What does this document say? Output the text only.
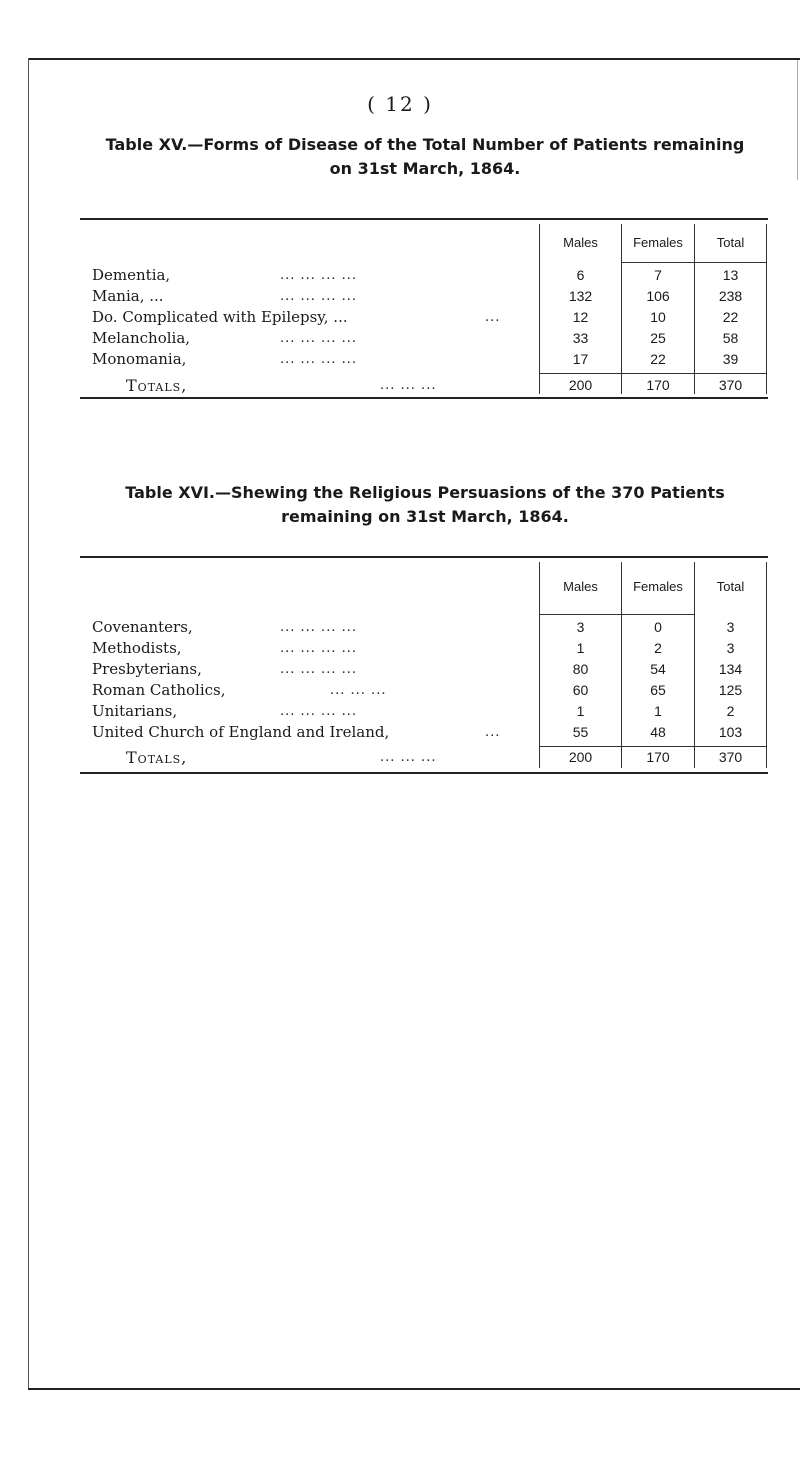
( 12 )
Table XV.—Forms of Disease of the Total Number of Patients remaining
on 31st March, 1864.
Males	Females	Total
Dementia,	... ... ... ...	6	7	13
Mania, ...	... ... ... ...	132	106	238
Do. Complicated with Epilepsy, ...	...	12	10	22
Melancholia,	... ... ... ...	33	25	58
Monomania,	... ... ... ...	17	22	39
Totals,	... ... ...	200	170	370
Table XVI.—Shewing the Religious Persuasions of the 370 Patients
remaining on 31st March, 1864.
Males	Females	Total
Covenanters,	... ... ... ...	3	0	3
Methodists,	... ... ... ...	1	2	3
Presbyterians,	... ... ... ...	80	54	134
Roman Catholics,	... ... ...	60	65	125
Unitarians,	... ... ... ...	1	1	2
United Church of England and Ireland,	...	55	48	103
Totals,	... ... ...	200	170	370
